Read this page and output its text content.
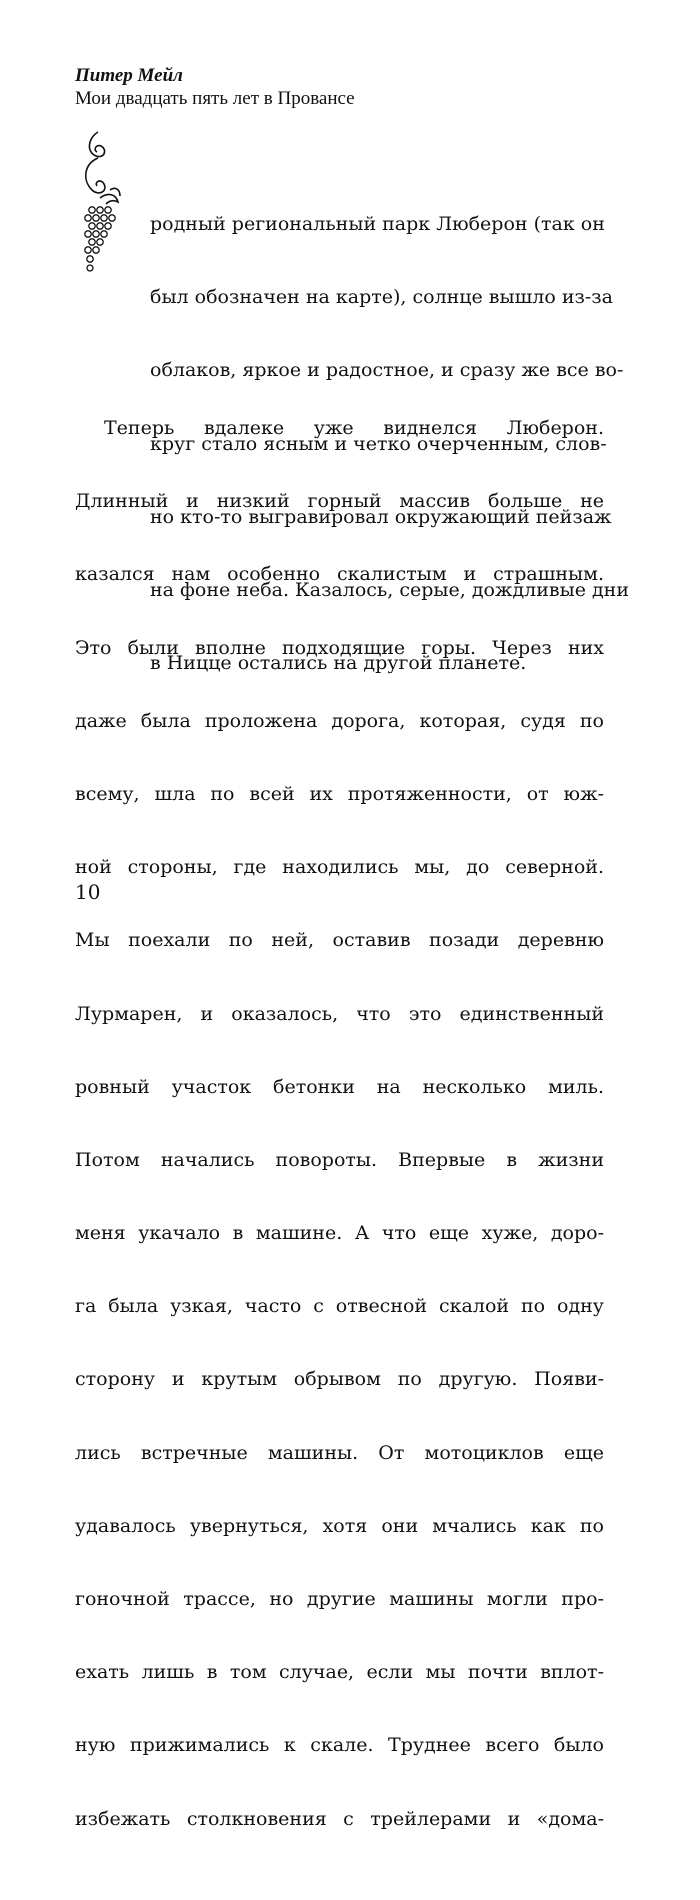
Питер Мейл
Мои двадцать пять лет в Провансе

родный региональный парк Люберон (так он

был обозначен на карте), солнце вышло из-за

облаков, яркое и радостное, и сразу же все во-

круг стало ясным и четко очерченным, слов-

но кто-то выгравировал окружающий пейзаж

на фоне неба. Казалось, серые, дождливые дни

в Ницце остались на другой планете.

Теперь вдалеке уже виднелся Люберон.

Длинный и низкий горный массив больше не

казался нам особенно скалистым и страшным.

Это были вполне подходящие горы. Через них

даже была проложена дорога, которая, судя по

всему, шла по всей их протяженности, от юж-

ной стороны, где находились мы, до северной.

Мы поехали по ней, оставив позади деревню

Лурмарен, и оказалось, что это единственный

ровный участок бетонки на несколько миль.

Потом начались повороты. Впервые в жизни

меня укачало в машине. А что еще хуже, доро-

га была узкая, часто с отвесной скалой по одну

сторону и крутым обрывом по другую. Появи-

лись встречные машины. От мотоциклов еще

удавалось увернуться, хотя они мчались как по

гоночной трассе, но другие машины могли про-

ехать лишь в том случае, если мы почти вплот-

ную прижимались к скале. Труднее всего было

избежать столкновения с трейлерами и «дома-

10
